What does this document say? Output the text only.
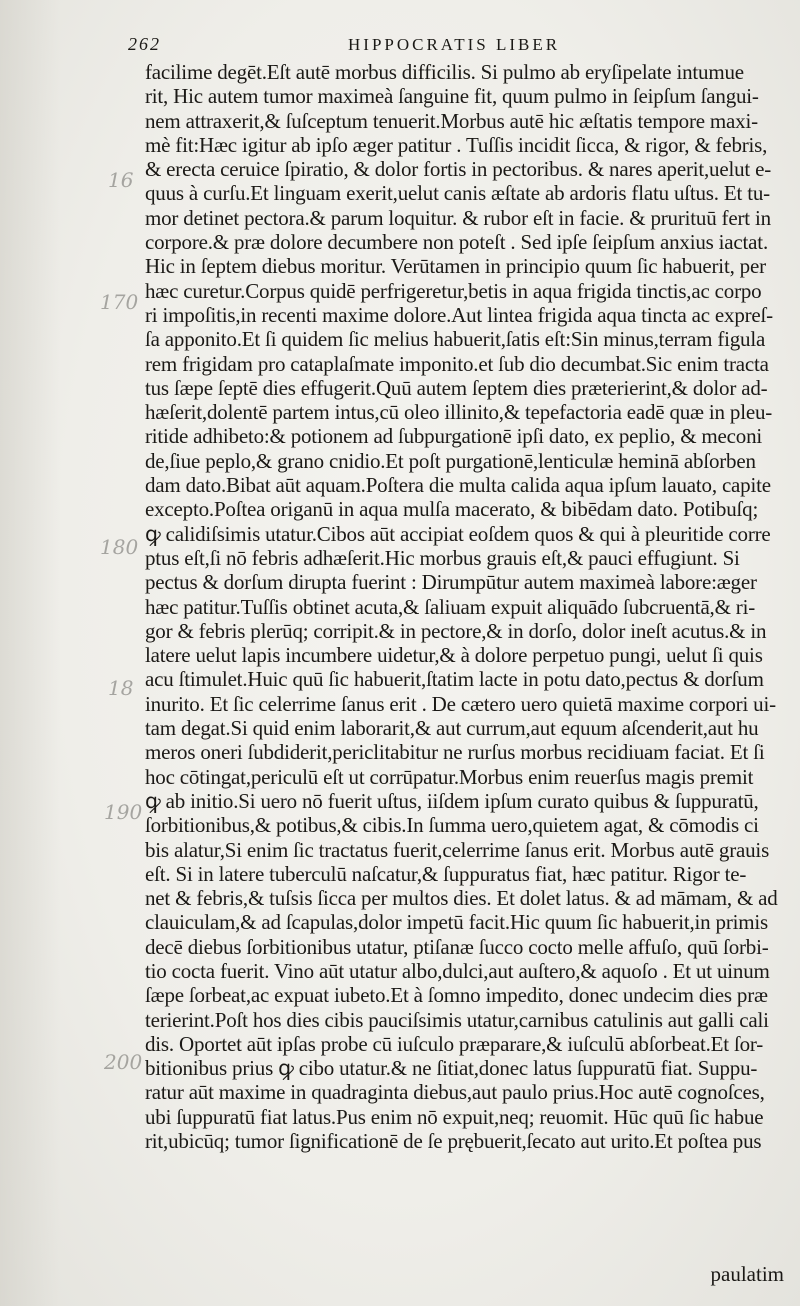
262	HIPPOCRATIS LIBER
facilime degēt.Eſt autē morbus difficilis. Si pulmo ab eryſipelate intumue
rit, Hic autem tumor maximeà ſanguine fit, quum pulmo in ſeipſum ſangui-
nem attraxerit,& ſuſceptum tenuerit.Morbus autē hic æſtatis tempore maxi-
mè fit:Hæc igitur ab ipſo æger patitur . Tuſſis incidit ſicca, & rigor, & febris,
& erecta ceruice ſpiratio, & dolor fortis in pectoribus. & nares aperit,uelut e-
quus à curſu.Et linguam exerit,uelut canis æſtate ab ardoris flatu uſtus. Et tu-
mor detinet pectora.& parum loquitur. & rubor eſt in facie. & prurituū fert in
corpore.& præ dolore decumbere non poteſt . Sed ipſe ſeipſum anxius iactat.
Hic in ſeptem diebus moritur. Verūtamen in principio quum ſic habuerit, per
hæc curetur.Corpus quidē perfrigeretur,betis in aqua frigida tinctis,ac corpo
ri impoſitis,in recenti maxime dolore.Aut lintea frigida aqua tincta ac expreſ-
ſa apponito.Et ſi quidem ſic melius habuerit,ſatis eſt:Sin minus,terram figula
rem frigidam pro cataplaſmate imponito.et ſub dio decumbat.Sic enim tracta
tus ſæpe ſeptē dies effugerit.Quū autem ſeptem dies præterierint,& dolor ad-
hæſerit,dolentē partem intus,cū oleo illinito,& tepefactoria eadē quæ in pleu-
ritide adhibeto:& potionem ad ſubpurgationē ipſi dato, ex peplio, & meconi
de,ſiue peplo,& grano cnidio.Et poſt purgationē,lenticulæ heminā abſorben
dam dato.Bibat aūt aquam.Poſtera die multa calida aqua ipſum lauato, capite
excepto.Poſtea origanū in aqua mulſa macerato, & bibēdam dato. Potibuſq;
ꝙ calidiſsimis utatur.Cibos aūt accipiat eoſdem quos & qui à pleuritide corre
ptus eſt,ſi nō febris adhæſerit.Hic morbus grauis eſt,& pauci effugiunt. Si
pectus & dorſum dirupta fuerint : Dirumpūtur autem maximeà labore:æger
hæc patitur.Tuſſis obtinet acuta,& ſaliuam expuit aliquādo ſubcruentā,& ri-
gor & febris plerūq; corripit.& in pectore,& in dorſo, dolor ineſt acutus.& in
latere uelut lapis incumbere uidetur,& à dolore perpetuo pungi, uelut ſi quis
acu ſtimulet.Huic quū ſic habuerit,ſtatim lacte in potu dato,pectus & dorſum
inurito. Et ſic celerrime ſanus erit . De cætero uero quietā maxime corpori ui-
tam degat.Si quid enim laborarit,& aut currum,aut equum aſcenderit,aut hu
meros oneri ſubdiderit,periclitabitur ne rurſus morbus recidiuam faciat. Et ſi
hoc cōtingat,periculū eſt ut corrūpatur.Morbus enim reuerſus magis premit
ꝙ ab initio.Si uero nō fuerit uſtus, iiſdem ipſum curato quibus & ſuppuratū,
ſorbitionibus,& potibus,& cibis.In ſumma uero,quietem agat, & cōmodis ci
bis alatur,Si enim ſic tractatus fuerit,celerrime ſanus erit. Morbus autē grauis
eſt. Si in latere tuberculū naſcatur,& ſuppuratus fiat, hæc patitur. Rigor te-
net & febris,& tuſsis ſicca per multos dies. Et dolet latus. & ad māmam, & ad
clauiculam,& ad ſcapulas,dolor impetū facit.Hic quum ſic habuerit,in primis
decē diebus ſorbitionibus utatur, ptiſanæ ſucco cocto melle affuſo, quū ſorbi-
tio cocta fuerit. Vino aūt utatur albo,dulci,aut auſtero,& aquoſo . Et ut uinum
ſæpe ſorbeat,ac expuat iubeto.Et à ſomno impedito, donec undecim dies præ
terierint.Poſt hos dies cibis pauciſsimis utatur,carnibus catulinis aut galli cali
dis. Oportet aūt ipſas probe cū iuſculo præparare,& iuſculū abſorbeat.Et ſor-
bitionibus prius ꝙ cibo utatur.& ne ſitiat,donec latus ſuppuratū fiat. Suppu-
ratur aūt maxime in quadraginta diebus,aut paulo prius.Hoc autē cognoſces,
ubi ſuppuratū fiat latus.Pus enim nō expuit,neq; reuomit. Hūc quū ſic habue
rit,ubicūq; tumor ſignificationē de ſe prębuerit,ſecato aut urito.Et poſtea pus
16
170
180
18
190
200
paulatim
